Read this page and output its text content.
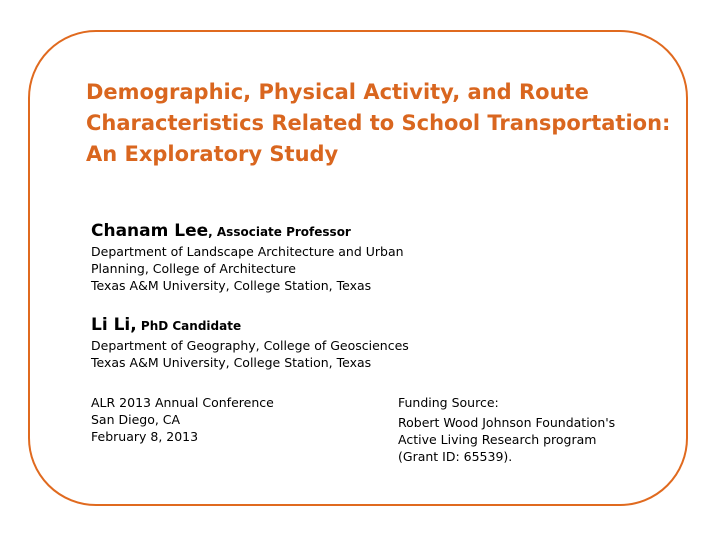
Demographic, Physical Activity, and Route
Characteristics Related to School Transportation:
An Exploratory Study

Chanam Lee, Associate Professor

Department of Landscape Architecture and Urban
Planning, College of Architecture
Texas A&M University, College Station, Texas

Li Li, PhD Candidate

Department of Geography, College of Geosciences
Texas A&M University, College Station, Texas
ALR 2013 Annual Conference
San Diego, CA
February 8, 2013
Funding Source:
Robert Wood Johnson Foundation's
Active Living Research program
(Grant ID: 65539).
